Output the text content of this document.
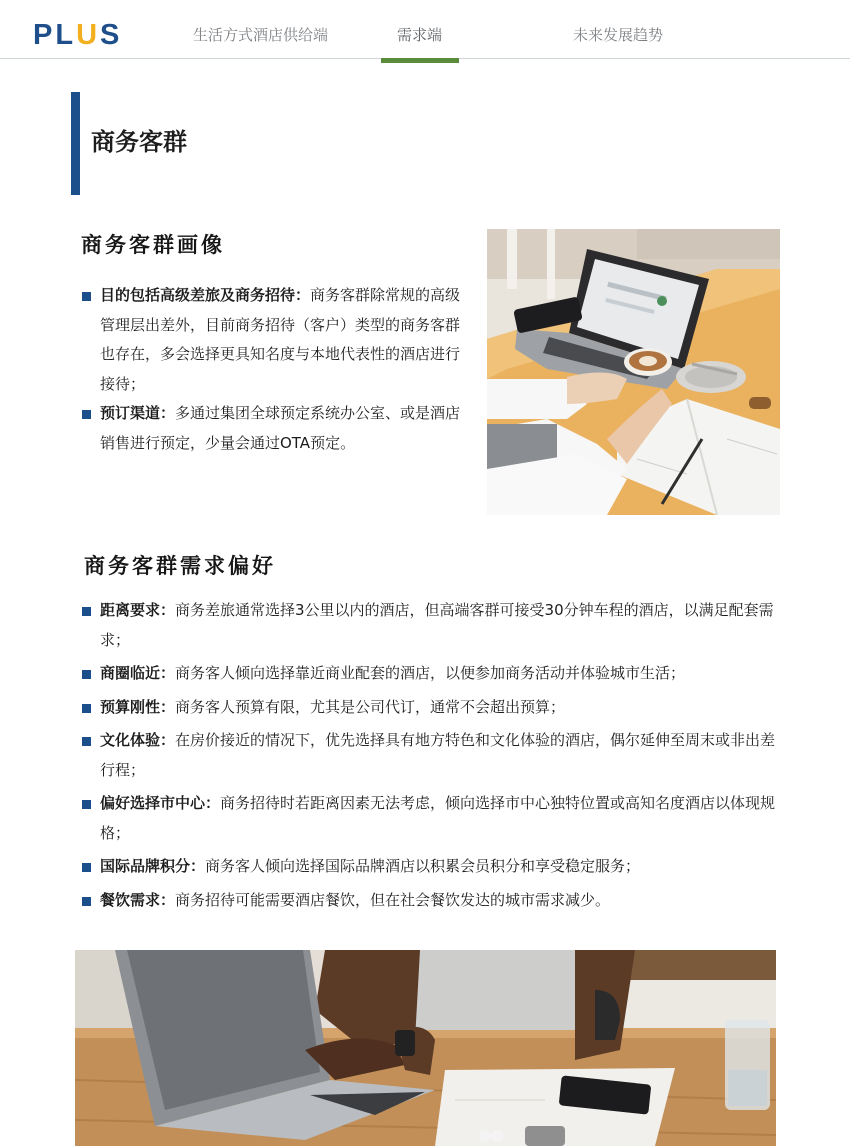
PLUS	生活方式酒店供给端	需求端	未来发展趋势
商务客群
商务客群画像
目的包括高级差旅及商务招待：商务客群除常规的高级管理层出差外，目前商务招待（客户）类型的商务客群也存在，多会选择更具知名度与本地代表性的酒店进行接待；
预订渠道：多通过集团全球预定系统办公室、或是酒店销售进行预定，少量会通过OTA预定。
商务客群需求偏好
距离要求：商务差旅通常选择3公里以内的酒店，但高端客群可接受30分钟车程的酒店，以满足配套需求；
商圈临近：商务客人倾向选择靠近商业配套的酒店，以便参加商务活动并体验城市生活；
预算刚性：商务客人预算有限，尤其是公司代订，通常不会超出预算；
文化体验：在房价接近的情况下，优先选择具有地方特色和文化体验的酒店，偶尔延伸至周末或非出差行程；
偏好选择市中心：商务招待时若距离因素无法考虑，倾向选择市中心独特位置或高知名度酒店以体现规格；
国际品牌积分：商务客人倾向选择国际品牌酒店以积累会员积分和享受稳定服务；
餐饮需求：商务招待可能需要酒店餐饮，但在社会餐饮发达的城市需求减少。
